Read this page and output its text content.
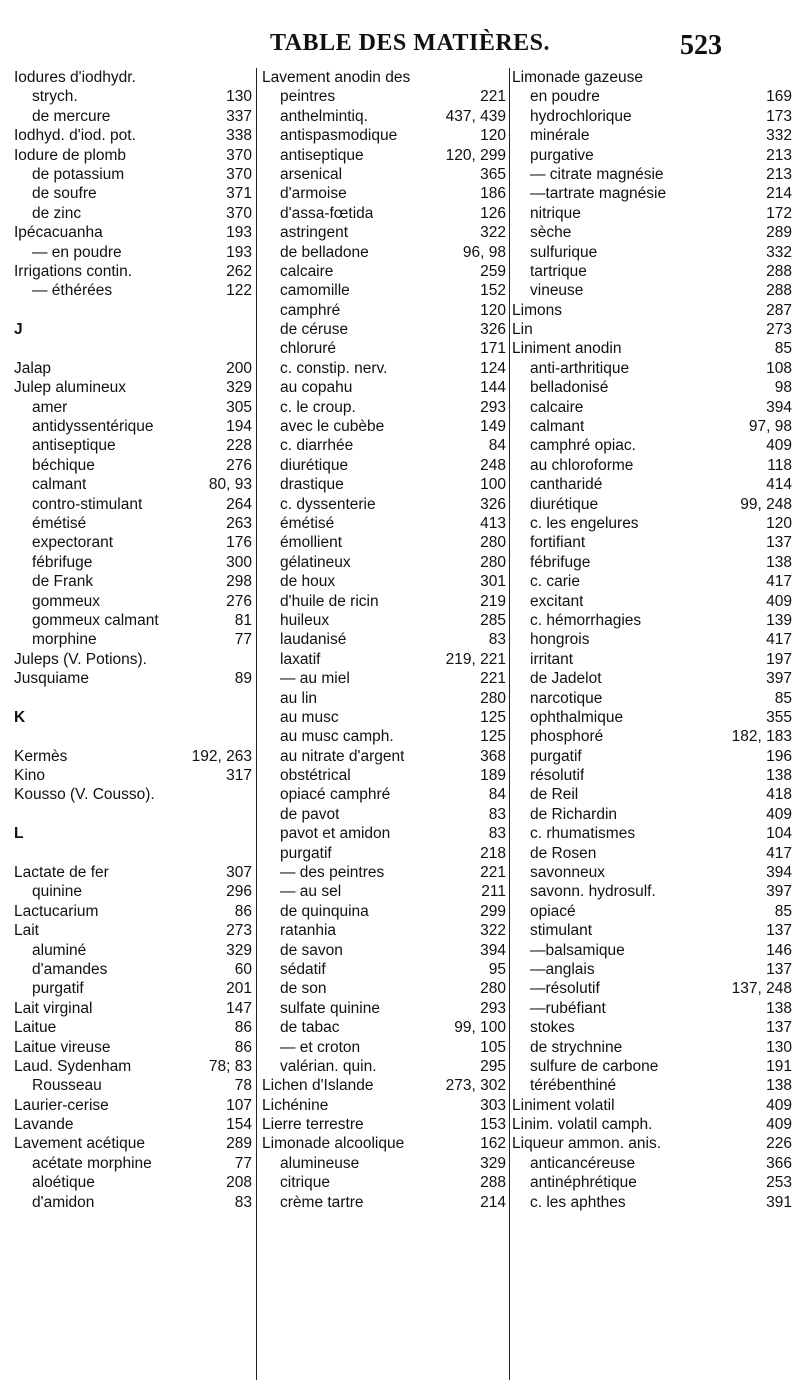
TABLE DES MATIÈRES.	523
Iodures d'iodhydr.
strych.	130
de mercure	337
Iodhyd. d'iod. pot.	338
Iodure de plomb	370
de potassium	370
de soufre	371
de zinc	370
Ipécacuanha	193
— en poudre	193
Irrigations contin.	262
— éthérées	122
J
Jalap	200
Julep alumineux	329
amer	305
antidyssentérique	194
antiseptique	228
béchique	276
calmant	80, 93
contro-stimulant	264
émétisé	263
expectorant	176
fébrifuge	300
de Frank	298
gommeux	276
gommeux calmant	81
morphine	77
Juleps (V. Potions).
Jusquiame	89
K
Kermès	192, 263
Kino	317
Kousso (V. Cousso).
L
Lactate de fer	307
quinine	296
Lactucarium	86
Lait	273
aluminé	329
d'amandes	60
purgatif	201
Lait virginal	147
Laitue	86
Laitue vireuse	86
Laud. Sydenham	78; 83
Rousseau	78
Laurier-cerise	107
Lavande	154
Lavement acétique	289
acétate morphine	77
aloétique	208
d'amidon	83
Lavement anodin des
peintres	221
anthelmintiq.	437, 439
antispasmodique	120
antiseptique	120, 299
arsenical	365
d'armoise	186
d'assa-fœtida	126
astringent	322
de belladone	96, 98
calcaire	259
camomille	152
camphré	120
de céruse	326
chloruré	171
c. constip. nerv.	124
au copahu	144
c. le croup.	293
avec le cubèbe	149
c. diarrhée	84
diurétique	248
drastique	100
c. dyssenterie	326
émétisé	413
émollient	280
gélatineux	280
de houx	301
d'huile de ricin	219
huileux	285
laudanisé	83
laxatif	219, 221
— au miel	221
au lin	280
au musc	125
au musc camph.	125
au nitrate d'argent	368
obstétrical	189
opiacé camphré	84
de pavot	83
pavot et amidon	83
purgatif	218
— des peintres	221
— au sel	211
de quinquina	299
ratanhia	322
de savon	394
sédatif	95
de son	280
sulfate quinine	293
de tabac	99, 100
— et croton	105
valérian. quin.	295
Lichen d'Islande	273, 302
Lichénine	303
Lierre terrestre	153
Limonade alcoolique	162
alumineuse	329
citrique	288
crème tartre	214
Limonade gazeuse
en poudre	169
hydrochlorique	173
minérale	332
purgative	213
— citrate magnésie	213
—tartrate magnésie	214
nitrique	172
sèche	289
sulfurique	332
tartrique	288
vineuse	288
Limons	287
Lin	273
Liniment anodin	85
anti-arthritique	108
belladonisé	98
calcaire	394
calmant	97, 98
camphré opiac.	409
au chloroforme	118
cantharidé	414
diurétique	99, 248
c. les engelures	120
fortifiant	137
fébrifuge	138
c. carie	417
excitant	409
c. hémorrhagies	139
hongrois	417
irritant	197
de Jadelot	397
narcotique	85
ophthalmique	355
phosphoré	182, 183
purgatif	196
résolutif	138
de Reil	418
de Richardin	409
c. rhumatismes	104
de Rosen	417
savonneux	394
savonn. hydrosulf.	397
opiacé	85
stimulant	137
—balsamique	146
—anglais	137
—résolutif	137, 248
—rubéfiant	138
stokes	137
de strychnine	130
sulfure de carbone	191
térébenthiné	138
Liniment volatil	409
Linim. volatil camph.	409
Liqueur ammon. anis.	226
anticancéreuse	366
antinéphrétique	253
c. les aphthes	391
